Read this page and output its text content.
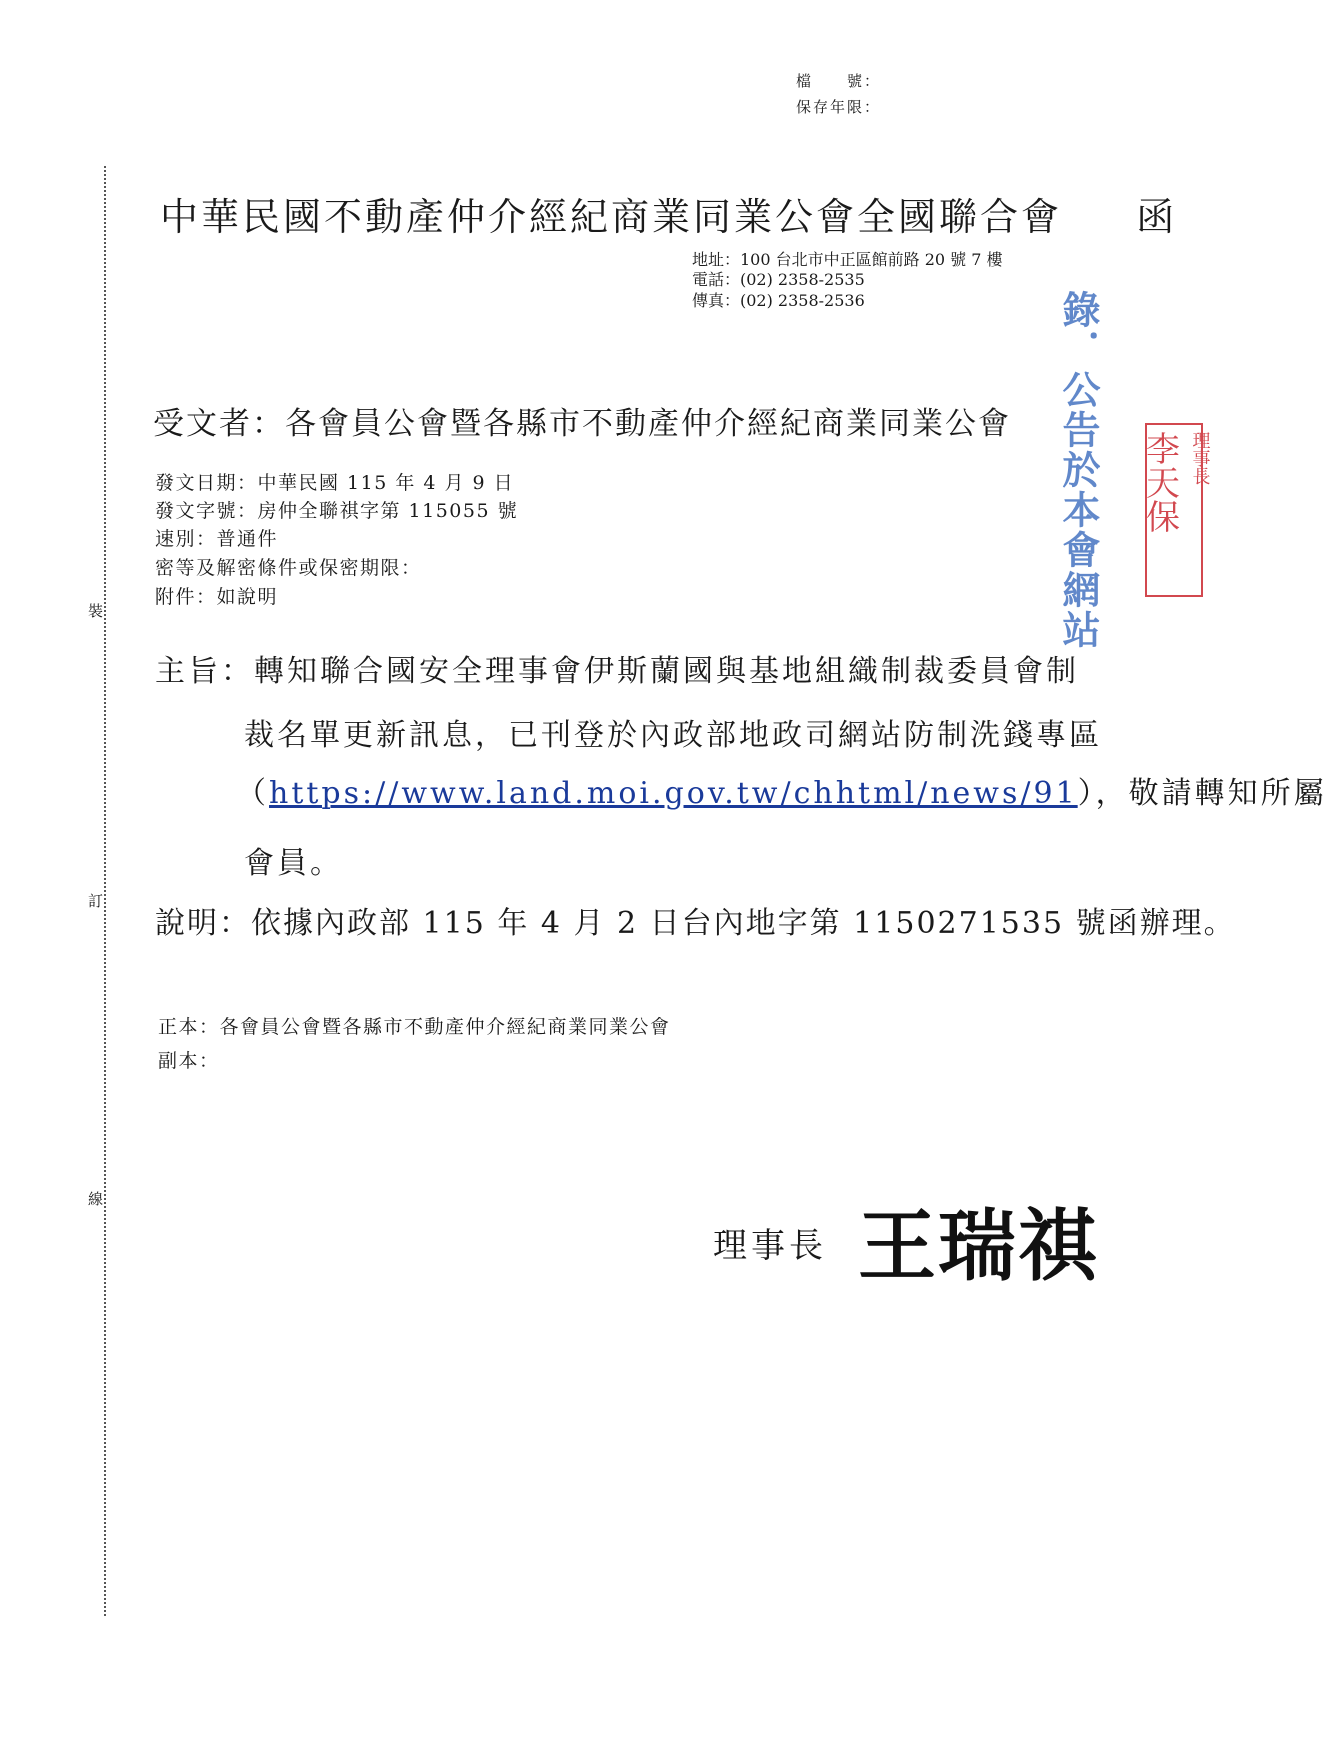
檔　　號：
保存年限：
裝
訂
線
中華民國不動產仲介經紀商業同業公會全國聯合會 函
地址：100 台北市中正區館前路 20 號 7 樓
電話：(02) 2358-2535
傳真：(02) 2358-2536	錄．公告於本會網站	理事長
李天保
受文者：各會員公會暨各縣市不動產仲介經紀商業同業公會
發文日期：中華民國 115 年 4 月 9 日
發文字號：房仲全聯祺字第 115055 號
速別：普通件
密等及解密條件或保密期限：
附件：如說明
主旨：轉知聯合國安全理事會伊斯蘭國與基地組織制裁委員會制
裁名單更新訊息，已刊登於內政部地政司網站防制洗錢專區
（https://www.land.moi.gov.tw/chhtml/news/91），敬請轉知所屬
會員。
說明：依據內政部 115 年 4 月 2 日台內地字第 1150271535 號函辦理。
正本：各會員公會暨各縣市不動產仲介經紀商業同業公會
副本：
理事長 王瑞祺
